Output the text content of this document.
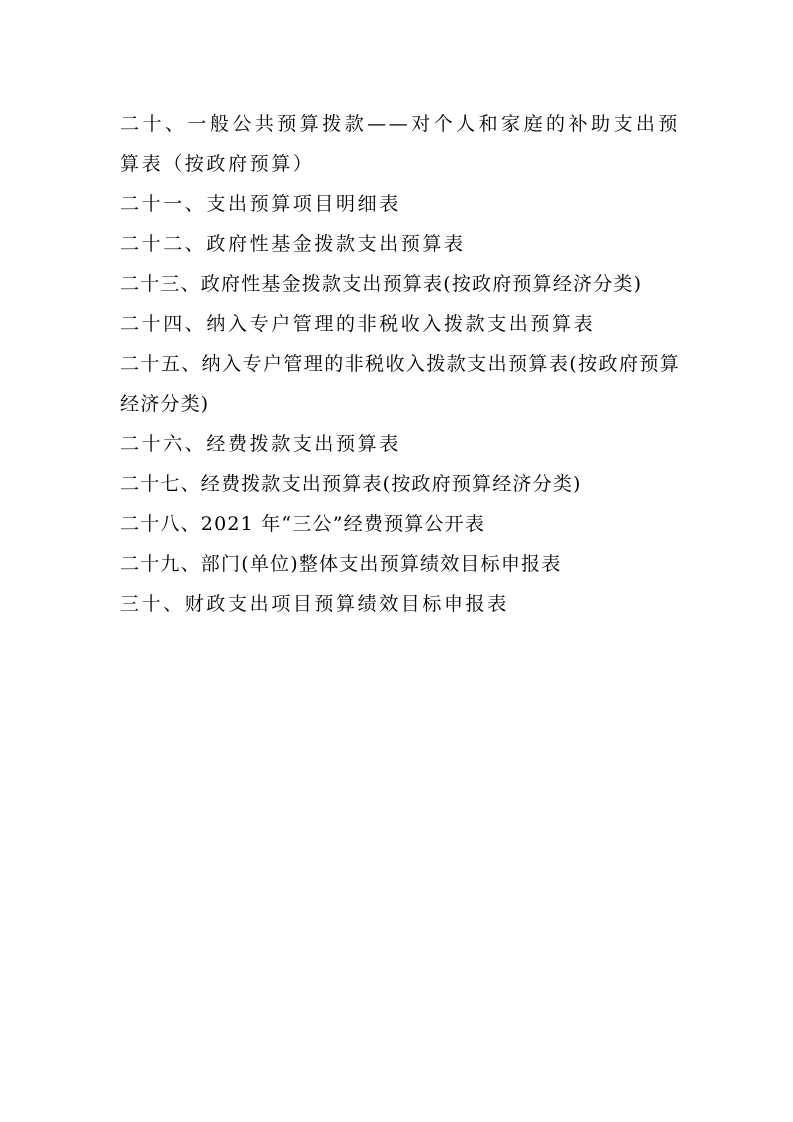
二十、一般公共预算拨款——对个人和家庭的补助支出预算表（按政府预算）
二十一、支出预算项目明细表
二十二、政府性基金拨款支出预算表
二十三、政府性基金拨款支出预算表(按政府预算经济分类)
二十四、纳入专户管理的非税收入拨款支出预算表
二十五、纳入专户管理的非税收入拨款支出预算表(按政府预算经济分类)
二十六、经费拨款支出预算表
二十七、经费拨款支出预算表(按政府预算经济分类)
二十八、2021 年“三公”经费预算公开表
二十九、部门(单位)整体支出预算绩效目标申报表
三十、财政支出项目预算绩效目标申报表
